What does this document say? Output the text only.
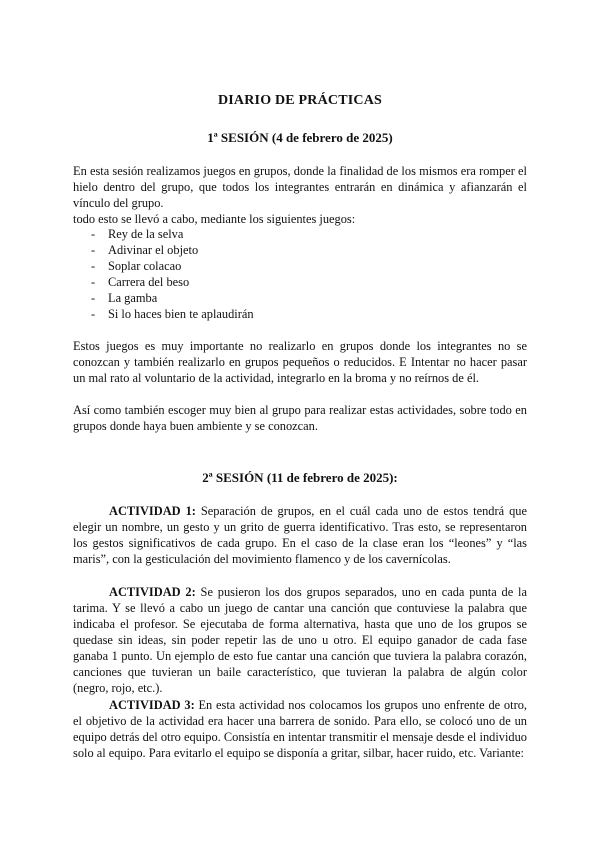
DIARIO DE PRÁCTICAS
1ª SESIÓN (4 de febrero de 2025)
En esta sesión realizamos juegos en grupos, donde la finalidad de los mismos era romper el hielo dentro del grupo, que todos los integrantes entrarán en dinámica y afianzarán el vínculo del grupo.
todo esto se llevó a cabo, mediante los siguientes juegos:
- Rey de la selva
- Adivinar el objeto
- Soplar colacao
- Carrera del beso
- La gamba
- Si lo haces bien te aplaudirán
Estos juegos es muy importante no realizarlo en grupos donde los integrantes no se conozcan y también realizarlo en grupos pequeños o reducidos. E Intentar no hacer pasar un mal rato al voluntario de la actividad, integrarlo en la broma y no reírnos de él.
Así como también escoger muy bien al grupo para realizar estas actividades, sobre todo en grupos donde haya buen ambiente y se conozcan.
2ª SESIÓN (11 de febrero de 2025):
ACTIVIDAD 1: Separación de grupos, en el cuál cada uno de estos tendrá que elegir un nombre, un gesto y un grito de guerra identificativo. Tras esto, se representaron los gestos significativos de cada grupo. En el caso de la clase eran los “leones” y “las maris”, con la gesticulación del movimiento flamenco y de los cavernícolas.
ACTIVIDAD 2: Se pusieron los dos grupos separados, uno en cada punta de la tarima. Y se llevó a cabo un juego de cantar una canción que contuviese la palabra que indicaba el profesor. Se ejecutaba de forma alternativa, hasta que uno de los grupos se quedase sin ideas, sin poder repetir las de uno u otro. El equipo ganador de cada fase ganaba 1 punto. Un ejemplo de esto fue cantar una canción que tuviera la palabra corazón, canciones que tuvieran un baile característico, que tuvieran la palabra de algún color (negro, rojo, etc.).
ACTIVIDAD 3: En esta actividad nos colocamos los grupos uno enfrente de otro, el objetivo de la actividad era hacer una barrera de sonido. Para ello, se colocó uno de un equipo detrás del otro equipo. Consistía en intentar transmitir el mensaje desde el individuo solo al equipo. Para evitarlo el equipo se disponía a gritar, silbar, hacer ruido, etc. Variante:
